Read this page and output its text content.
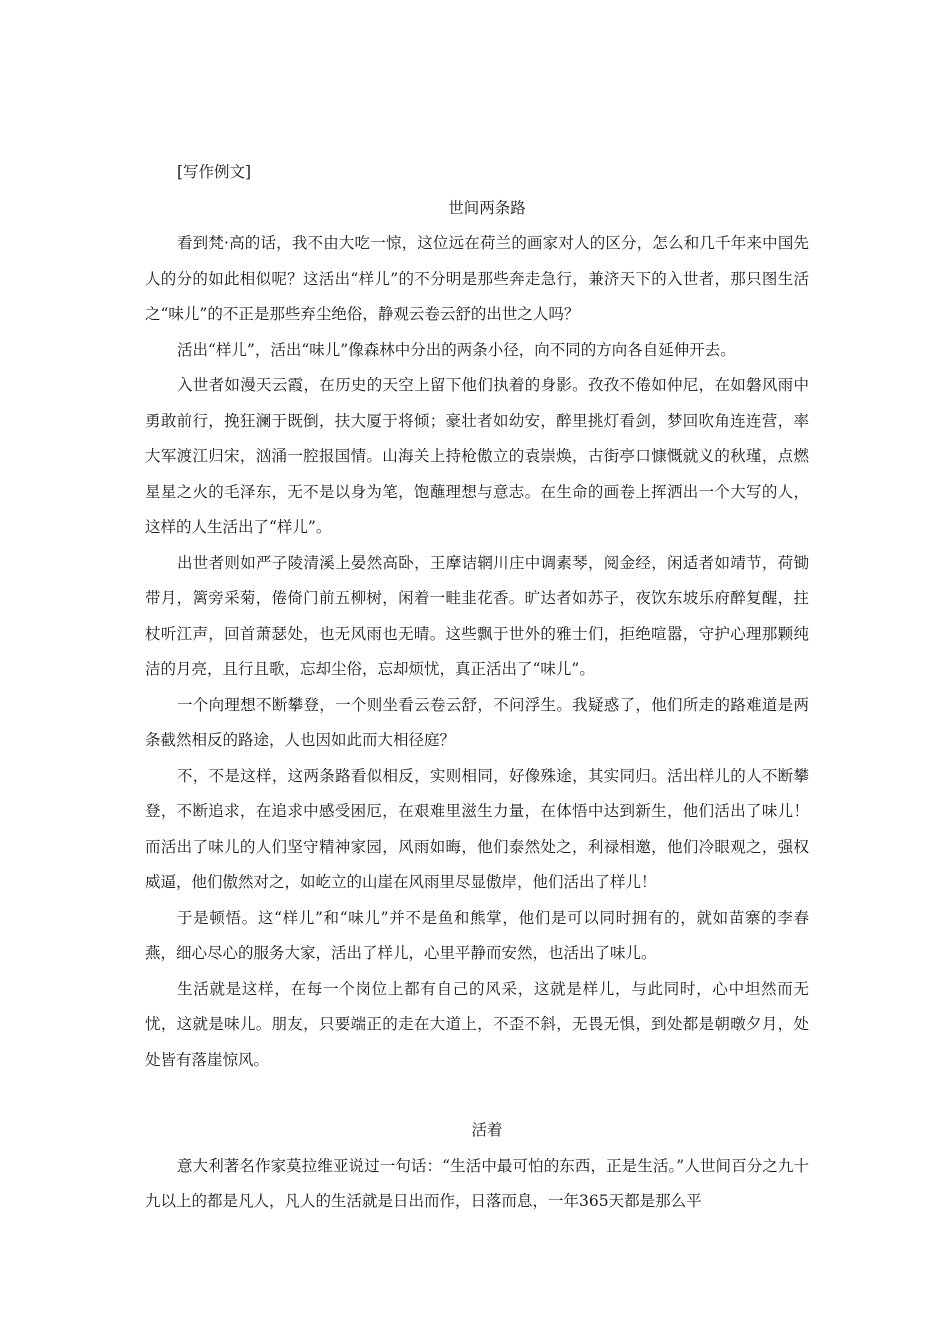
[写作例文]

世间两条路

看到梵·高的话，我不由大吃一惊，这位远在荷兰的画家对人的区分，怎么和几千年来中国先人的分的如此相似呢？这活出“样儿”的不分明是那些奔走急行，兼济天下的入世者，那只图生活之“味儿”的不正是那些弃尘绝俗，静观云卷云舒的出世之人吗？

活出“样儿”，活出“味儿”像森林中分出的两条小径，向不同的方向各自延伸开去。

入世者如漫天云霞，在历史的天空上留下他们执着的身影。孜孜不倦如仲尼，在如磐风雨中勇敢前行，挽狂澜于既倒，扶大厦于将倾；豪壮者如幼安，醉里挑灯看剑，梦回吹角连连营，率大军渡江归宋，汹涌一腔报国情。山海关上持枪傲立的袁崇焕，古街亭口慷慨就义的秋瑾，点燃星星之火的毛泽东，无不是以身为笔，饱蘸理想与意志。在生命的画卷上挥洒出一个大写的人，这样的人生活出了“样儿”。

出世者则如严子陵清溪上晏然高卧，王摩诘辋川庄中调素琴，阅金经，闲适者如靖节，荷锄带月，篱旁采菊，倦倚门前五柳树，闲着一畦韭花香。旷达者如苏子，夜饮东坡乐府醉复醒，拄杖听江声，回首萧瑟处，也无风雨也无晴。这些飘于世外的雅士们，拒绝喧嚣，守护心理那颗纯洁的月亮，且行且歌，忘却尘俗，忘却烦忧，真正活出了“味儿”。

一个向理想不断攀登，一个则坐看云卷云舒，不问浮生。我疑惑了，他们所走的路难道是两条截然相反的路途，人也因如此而大相径庭？

不，不是这样，这两条路看似相反，实则相同，好像殊途，其实同归。活出样儿的人不断攀登，不断追求，在追求中感受困厄，在艰难里滋生力量，在体悟中达到新生，他们活出了味儿！而活出了味儿的人们坚守精神家园，风雨如晦，他们泰然处之，利禄相邀，他们冷眼观之，强权威逼，他们傲然对之，如屹立的山崖在风雨里尽显傲岸，他们活出了样儿！

于是顿悟。这“样儿”和“味儿”并不是鱼和熊掌，他们是可以同时拥有的，就如苗寨的李春燕，细心尽心的服务大家，活出了样儿，心里平静而安然，也活出了味儿。

生活就是这样，在每一个岗位上都有自己的风采，这就是样儿，与此同时，心中坦然而无忧，这就是味儿。朋友，只要端正的走在大道上，不歪不斜，无畏无惧，到处都是朝暾夕月，处处皆有落崖惊风。

活着

意大利著名作家莫拉维亚说过一句话：“生活中最可怕的东西，正是生活。”人世间百分之九十九以上的都是凡人，凡人的生活就是日出而作，日落而息，一年365天都是那么平
